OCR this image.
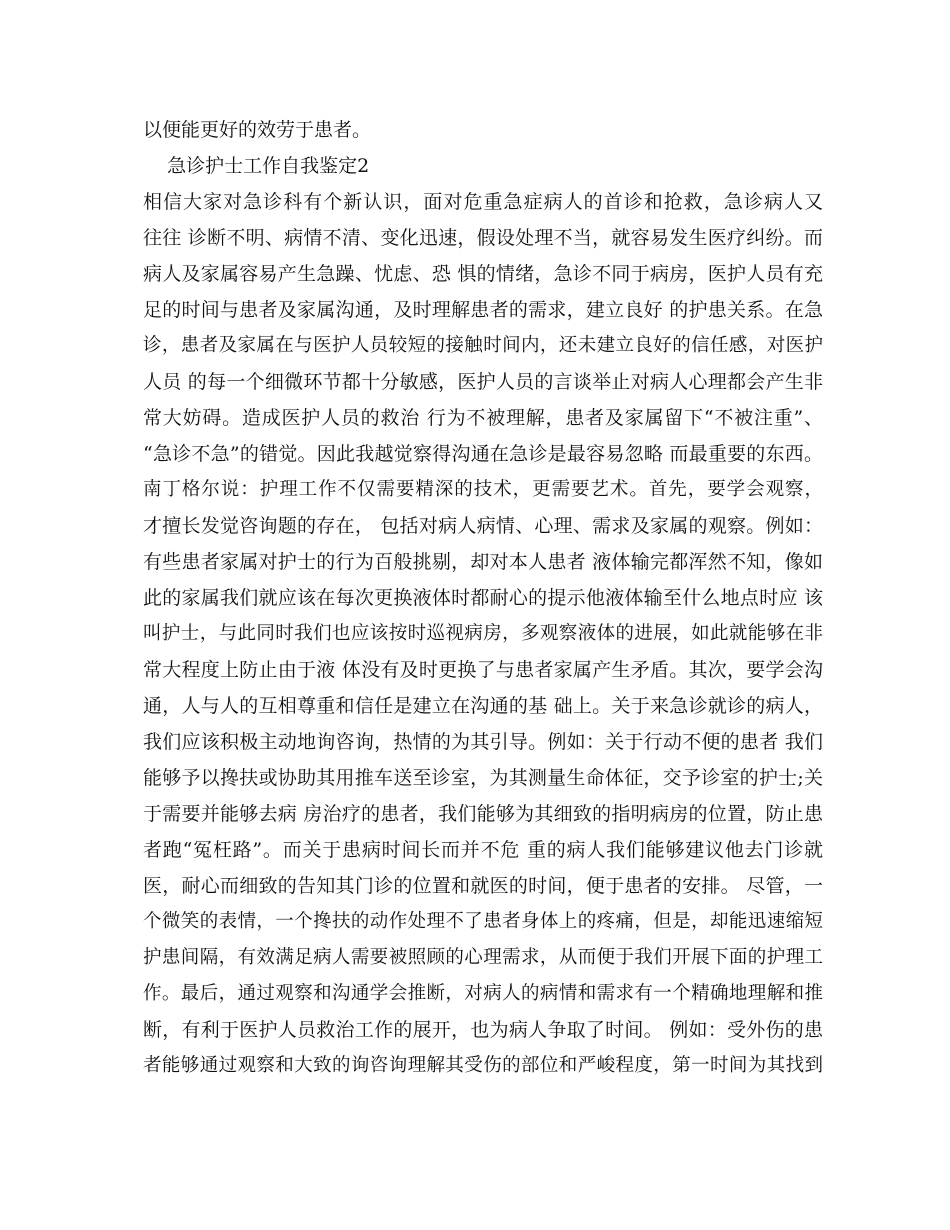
以便能更好的效劳于患者。
急诊护士工作自我鉴定2
相信大家对急诊科有个新认识，面对危重急症病人的首诊和抢救，急诊病人又
往往 诊断不明、病情不清、变化迅速，假设处理不当，就容易发生医疗纠纷。而
病人及家属容易产生急躁、忧虑、恐 惧的情绪，急诊不同于病房，医护人员有充
足的时间与患者及家属沟通，及时理解患者的需求，建立良好 的护患关系。在急
诊，患者及家属在与医护人员较短的接触时间内，还未建立良好的信任感，对医护
人员 的每一个细微环节都十分敏感，医护人员的言谈举止对病人心理都会产生非
常大妨碍。造成医护人员的救治 行为不被理解，患者及家属留下“不被注重”、
“急诊不急”的错觉。因此我越觉察得沟通在急诊是最容易忽略 而最重要的东西。
南丁格尔说：护理工作不仅需要精深的技术，更需要艺术。首先，要学会观察，
才擅长发觉咨询题的存在， 包括对病人病情、心理、需求及家属的观察。例如：
有些患者家属对护士的行为百般挑剔，却对本人患者 液体输完都浑然不知，像如
此的家属我们就应该在每次更换液体时都耐心的提示他液体输至什么地点时应 该
叫护士，与此同时我们也应该按时巡视病房，多观察液体的进展，如此就能够在非
常大程度上防止由于液 体没有及时更换了与患者家属产生矛盾。其次，要学会沟
通，人与人的互相尊重和信任是建立在沟通的基 础上。关于来急诊就诊的病人，
我们应该积极主动地询咨询，热情的为其引导。例如：关于行动不便的患者 我们
能够予以搀扶或协助其用推车送至诊室，为其测量生命体征，交予诊室的护士;关
于需要并能够去病 房治疗的患者，我们能够为其细致的指明病房的位置，防止患
者跑“冤枉路”。而关于患病时间长而并不危 重的病人我们能够建议他去门诊就
医，耐心而细致的告知其门诊的位置和就医的时间，便于患者的安排。 尽管，一
个微笑的表情，一个搀扶的动作处理不了患者身体上的疼痛，但是，却能迅速缩短
护患间隔，有效满足病人需要被照顾的心理需求，从而便于我们开展下面的护理工
作。最后，通过观察和沟通学会推断，对病人的病情和需求有一个精确地理解和推
断，有利于医护人员救治工作的展开，也为病人争取了时间。 例如：受外伤的患
者能够通过观察和大致的询咨询理解其受伤的部位和严峻程度，第一时间为其找到
